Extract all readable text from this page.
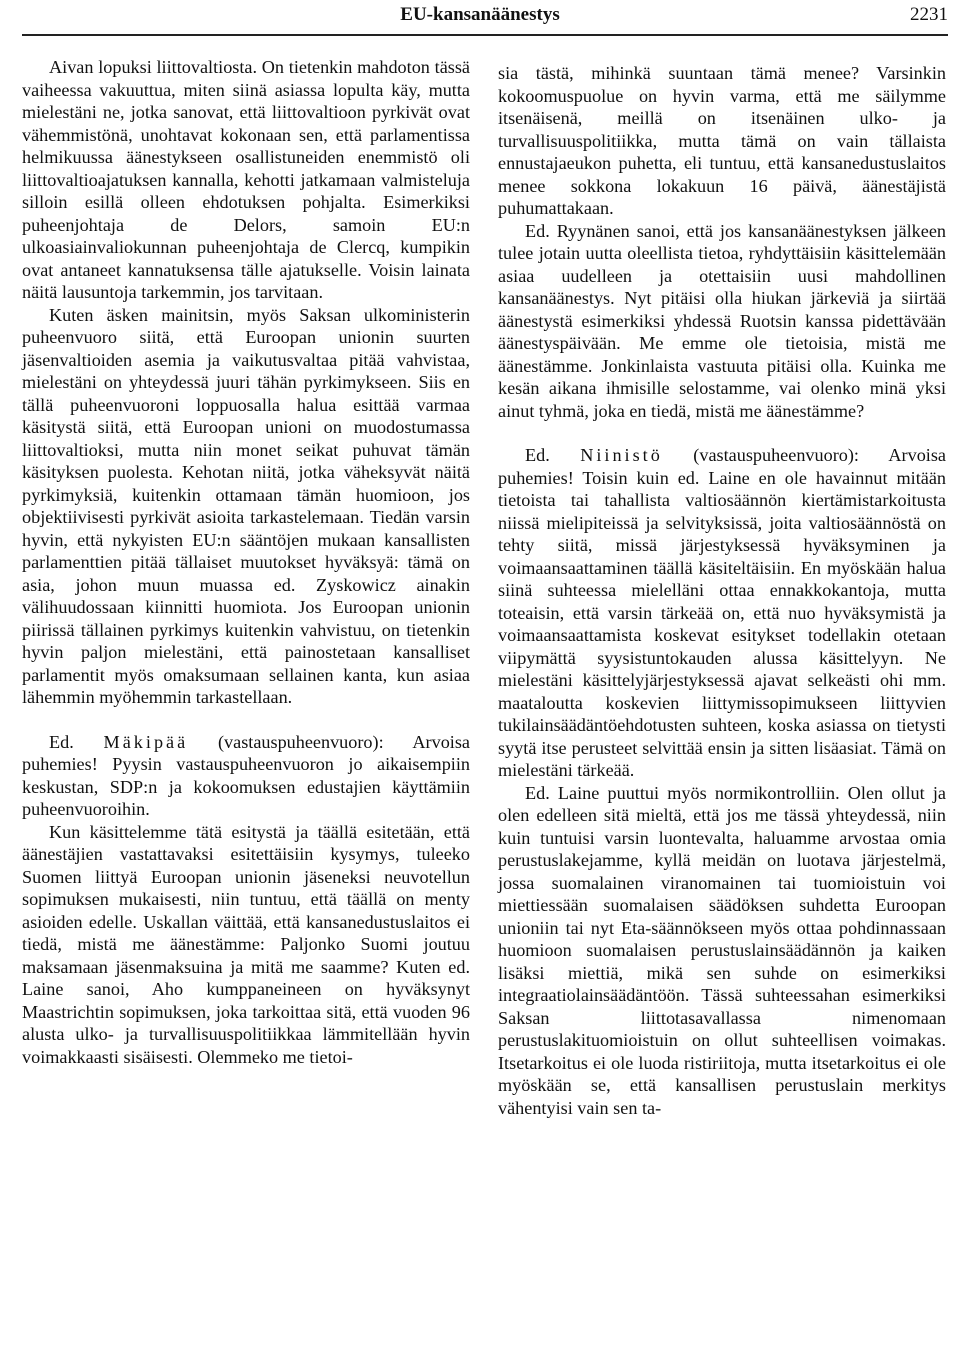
EU-kansanäänestys	2231

Aivan lopuksi liittovaltiosta. On tietenkin mahdoton tässä vaiheessa vakuuttua, miten siinä asiassa lopulta käy, mutta mielestäni ne, jotka sanovat, että liittovaltioon pyrkivät ovat vähemmistönä, unohtavat kokonaan sen, että parlamentissa helmikuussa äänestykseen osallistuneiden enemmistö oli liittovaltioajatuksen kannalla, kehotti jatkamaan valmisteluja silloin esillä olleen ehdotuksen pohjalta. Esimerkiksi puheenjohtaja de Delors, samoin EU:n ulkoasiainvaliokunnan puheenjohtaja de Clercq, kumpikin ovat antaneet kannatuksensa tälle ajatukselle. Voisin lainata näitä lausuntoja tarkemmin, jos tarvitaan.

Kuten äsken mainitsin, myös Saksan ulkoministerin puheenvuoro siitä, että Euroopan unionin suurten jäsenvaltioiden asemia ja vaikutusvaltaa pitää vahvistaa, mielestäni on yhteydessä juuri tähän pyrkimykseen. Siis en tällä puheenvuoroni loppuosalla halua esittää varmaa käsitystä siitä, että Euroopan unioni on muodostumassa liittovaltioksi, mutta niin monet seikat puhuvat tämän käsityksen puolesta. Kehotan niitä, jotka väheksyvät näitä pyrkimyksiä, kuitenkin ottamaan tämän huomioon, jos objektiivisesti pyrkivät asioita tarkastelemaan. Tiedän varsin hyvin, että nykyisten EU:n sääntöjen mukaan kansallisten parlamenttien pitää tällaiset muutokset hyväksyä: tämä on asia, johon muun muassa ed. Zyskowicz ainakin välihuudossaan kiinnitti huomiota. Jos Euroopan unionin piirissä tällainen pyrkimys kuitenkin vahvistuu, on tietenkin hyvin paljon mielestäni, että painostetaan kansalliset parlamentit myös omaksumaan sellainen kanta, kun asiaa lähemmin myöhemmin tarkastellaan.

Ed. Mäkipää (vastauspuheenvuoro): Arvoisa puhemies! Pyysin vastauspuheenvuoron jo aikaisempiin keskustan, SDP:n ja kokoomuksen edustajien käyttämiin puheenvuoroihin.

Kun käsittelemme tätä esitystä ja täällä esitetään, että äänestäjien vastattavaksi esitettäisiin kysymys, tuleeko Suomen liittyä Euroopan unionin jäseneksi neuvotellun sopimuksen mukaisesti, niin tuntuu, että täällä on menty asioiden edelle. Uskallan väittää, että kansanedustuslaitos ei tiedä, mistä me äänestämme: Paljonko Suomi joutuu maksamaan jäsenmaksuina ja mitä me saamme? Kuten ed. Laine sanoi, Aho kumppaneineen on hyväksynyt Maastrichtin sopimuksen, joka tarkoittaa sitä, että vuoden 96 alusta ulko- ja turvallisuuspolitiikkaa lämmitellään hyvin voimakkaasti sisäisesti. Olemmeko me tietoi-

sia tästä, mihinkä suuntaan tämä menee? Varsinkin kokoomuspuolue on hyvin varma, että me säilymme itsenäisenä, meillä on itsenäinen ulko- ja turvallisuuspolitiikka, mutta tämä on vain tällaista ennustajaeukon puhetta, eli tuntuu, että kansanedustuslaitos menee sokkona lokakuun 16 päivä, äänestäjistä puhumattakaan.

Ed. Ryynänen sanoi, että jos kansanäänestyksen jälkeen tulee jotain uutta oleellista tietoa, ryhdyttäisiin käsittelemään asiaa uudelleen ja otettaisiin uusi mahdollinen kansanäänestys. Nyt pitäisi olla hiukan järkeviä ja siirtää äänestystä esimerkiksi yhdessä Ruotsin kanssa pidettävään äänestyspäivään. Me emme ole tietoisia, mistä me äänestämme. Jonkinlaista vastuuta pitäisi olla. Kuinka me kesän aikana ihmisille selostamme, vai olenko minä yksi ainut tyhmä, joka en tiedä, mistä me äänestämme?

Ed. Niinistö (vastauspuheenvuoro): Arvoisa puhemies! Toisin kuin ed. Laine en ole havainnut mitään tietoista tai tahallista valtiosäännön kiertämistarkoitusta niissä mielipiteissä ja selvityksissä, joita valtiosäännöstä on tehty siitä, missä järjestyksessä hyväksyminen ja voimaansaattaminen täällä käsiteltäisiin. En myöskään halua siinä suhteessa mielelläni ottaa ennakkokantoja, mutta toteaisin, että varsin tärkeää on, että nuo hyväksymistä ja voimaansaattamista koskevat esitykset todellakin otetaan viipymättä syysistuntokauden alussa käsittelyyn. Ne mielestäni käsittelyjärjestyksessä ajavat selkeästi ohi mm. maataloutta koskevien liittymissopimukseen liittyvien tukilainsäädäntöehdotusten suhteen, koska asiassa on tietysti syytä itse perusteet selvittää ensin ja sitten lisäasiat. Tämä on mielestäni tärkeää.

Ed. Laine puuttui myös normikontrolliin. Olen ollut ja olen edelleen sitä mieltä, että jos me tässä yhteydessä, niin kuin tuntuisi varsin luontevalta, haluamme arvostaa omia perustuslakejamme, kyllä meidän on luotava järjestelmä, jossa suomalainen viranomainen tai tuomioistuin voi miettiessään suomalaisen säädöksen suhdetta Euroopan unioniin tai nyt Eta-säännökseen myös ottaa pohdinnassaan huomioon suomalaisen perustuslainsäädännön ja kaiken lisäksi miettiä, mikä sen suhde on esimerkiksi integraatiolainsäädäntöön. Tässä suhteessahan esimerkiksi Saksan liittotasavallassa nimenomaan perustuslakituomioistuin on ollut suhteellisen voimakas. Itsetarkoitus ei ole luoda ristiriitoja, mutta itsetarkoitus ei ole myöskään se, että kansallisen perustuslain merkitys vähentyisi vain sen ta-
